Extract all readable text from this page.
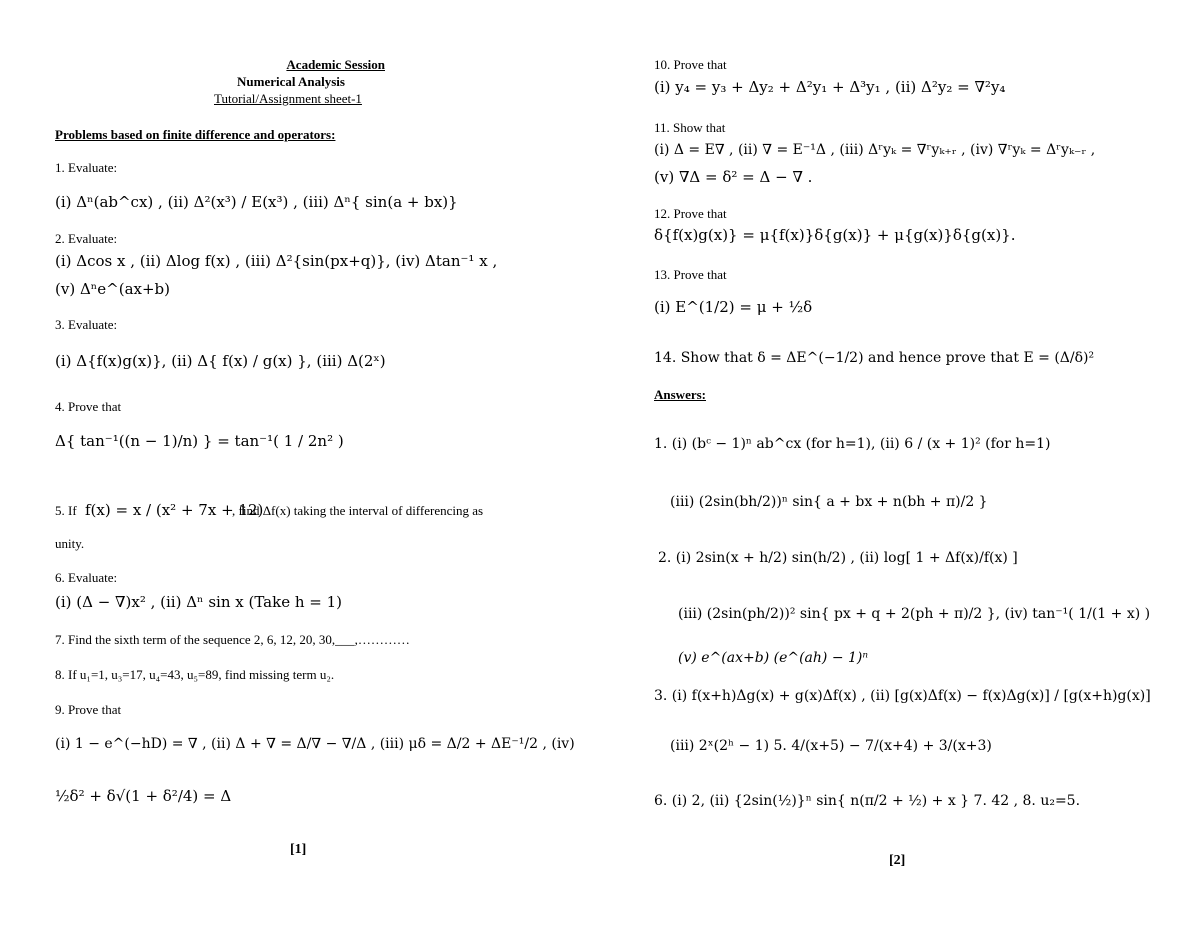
Academic Session
Numerical Analysis
Tutorial/Assignment sheet-1
Problems based on finite difference and operators:
1. Evaluate:
(i) Δⁿ(ab^cx) , (ii) Δ²(x³) / E(x³) , (iii) Δⁿ{ sin(a + bx)}
2. Evaluate:
(i) Δcos x , (ii) Δlog f(x) , (iii) Δ²{sin(px+q)}, (iv) Δtan⁻¹ x ,
(v) Δⁿe^(ax+b)
3. Evaluate:
(i) Δ{f(x)g(x)}, (ii) Δ{ f(x) / g(x) }, (iii) Δ(2ˣ)
4. Prove that
Δ{ tan⁻¹((n − 1)/n) } = tan⁻¹( 1 / 2n² )
5. If f(x) = x / (x² + 7x + 12)
, find Δf(x) taking the interval of differencing as
unity.
6. Evaluate:
(i) (Δ − ∇)x² , (ii) Δⁿ sin x (Take h = 1)
7. Find the sixth term of the sequence 2, 6, 12, 20, 30,___,…………
8. If u₁=1, u₃=17, u₄=43, u₅=89, find missing term u₂.
9. Prove that
(i) 1 − e^(−hD) = ∇ , (ii) Δ + ∇ = Δ/∇ − ∇/Δ , (iii) μδ = Δ/2 + ΔE⁻¹/2 , (iv)
½δ² + δ√(1 + δ²/4) = Δ
[1]
10. Prove that
(i) y₄ = y₃ + Δy₂ + Δ²y₁ + Δ³y₁ , (ii) Δ²y₂ = ∇²y₄
11. Show that
(i) Δ = E∇ , (ii) ∇ = E⁻¹Δ , (iii) Δʳyₖ = ∇ʳyₖ₊ᵣ , (iv) ∇ʳyₖ = Δʳyₖ₋ᵣ ,
(v) ∇Δ = δ² = Δ − ∇ .
12. Prove that
δ{f(x)g(x)} = μ{f(x)}δ{g(x)} + μ{g(x)}δ{g(x)}.
13. Prove that
(i) E^(1/2) = μ + ½δ
14. Show that δ = ΔE^(−1/2) and hence prove that E = (Δ/δ)²
Answers:
1. (i) (bᶜ − 1)ⁿ ab^cx (for h=1), (ii) 6 / (x + 1)² (for h=1)
(iii) (2sin(bh/2))ⁿ sin{ a + bx + n(bh + π)/2 }
2. (i) 2sin(x + h/2) sin(h/2) , (ii) log[ 1 + Δf(x)/f(x) ]
(iii) (2sin(ph/2))² sin{ px + q + 2(ph + π)/2 }, (iv) tan⁻¹( 1/(1 + x) )
(v) e^(ax+b) (e^(ah) − 1)ⁿ
3. (i) f(x+h)Δg(x) + g(x)Δf(x) , (ii) [g(x)Δf(x) − f(x)Δg(x)] / [g(x+h)g(x)]
(iii) 2ˣ(2ʰ − 1) 5. 4/(x+5) − 7/(x+4) + 3/(x+3)
6. (i) 2, (ii) {2sin(½)}ⁿ sin{ n(π/2 + ½) + x } 7. 42 , 8. u₂=5.
[2]
